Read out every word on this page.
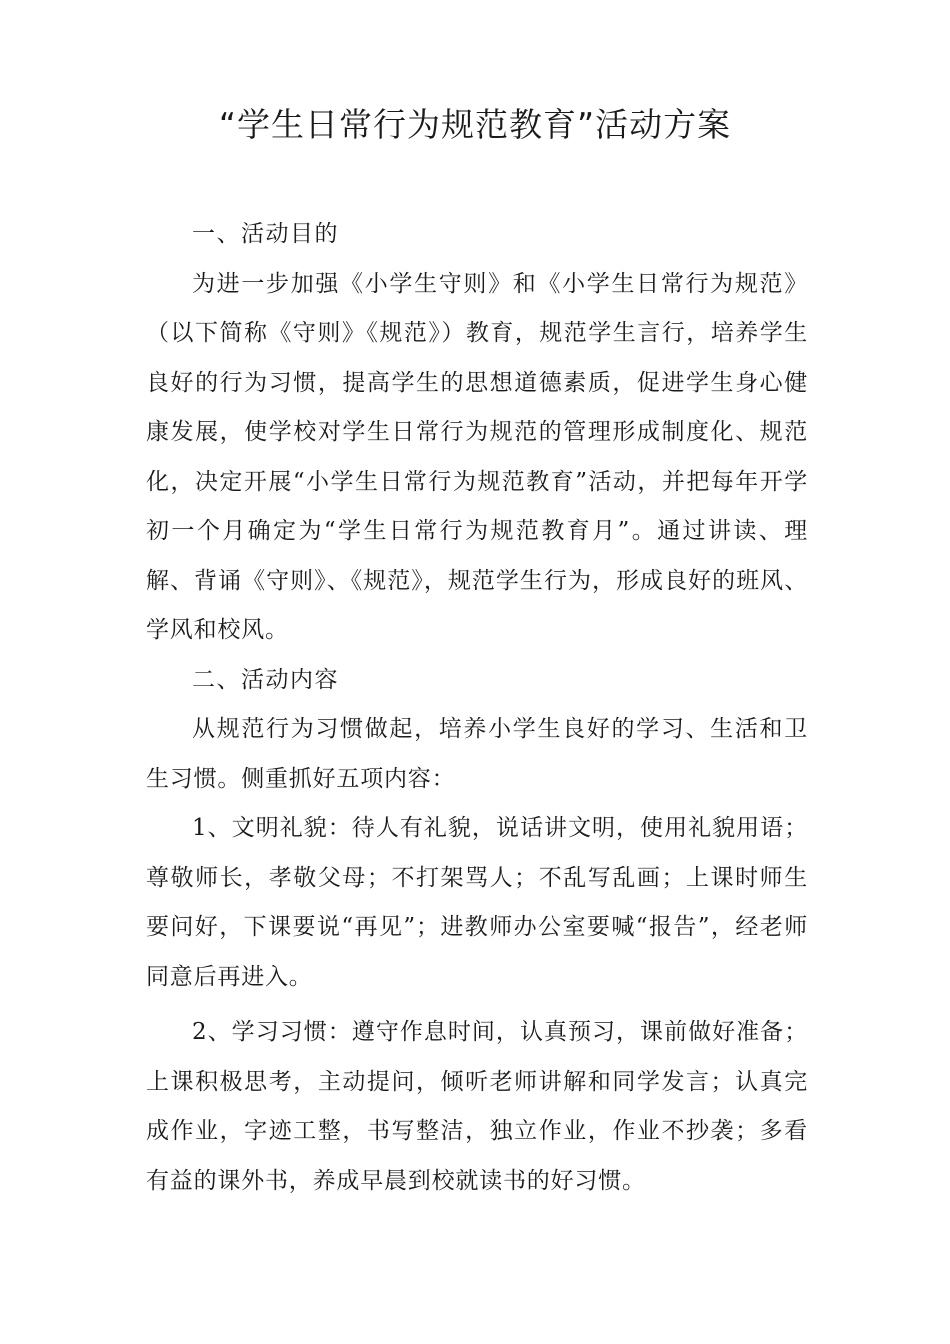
“学生日常行为规范教育”活动方案

一、活动目的

为进一步加强《小学生守则》和《小学生日常行为规范》（以下简称《守则》《规范》）教育，规范学生言行，培养学生良好的行为习惯，提高学生的思想道德素质，促进学生身心健康发展，使学校对学生日常行为规范的管理形成制度化、规范化，决定开展“小学生日常行为规范教育”活动，并把每年开学初一个月确定为“学生日常行为规范教育月”。通过讲读、理解、背诵《守则》、《规范》，规范学生行为，形成良好的班风、学风和校风。

二、活动内容

从规范行为习惯做起，培养小学生良好的学习、生活和卫生习惯。侧重抓好五项内容：

1、文明礼貌：待人有礼貌，说话讲文明，使用礼貌用语；尊敬师长，孝敬父母；不打架骂人；不乱写乱画；上课时师生要问好，下课要说“再见”；进教师办公室要喊“报告”，经老师同意后再进入。

2、学习习惯：遵守作息时间，认真预习，课前做好准备；上课积极思考，主动提问，倾听老师讲解和同学发言；认真完成作业，字迹工整，书写整洁，独立作业，作业不抄袭；多看有益的课外书，养成早晨到校就读书的好习惯。
